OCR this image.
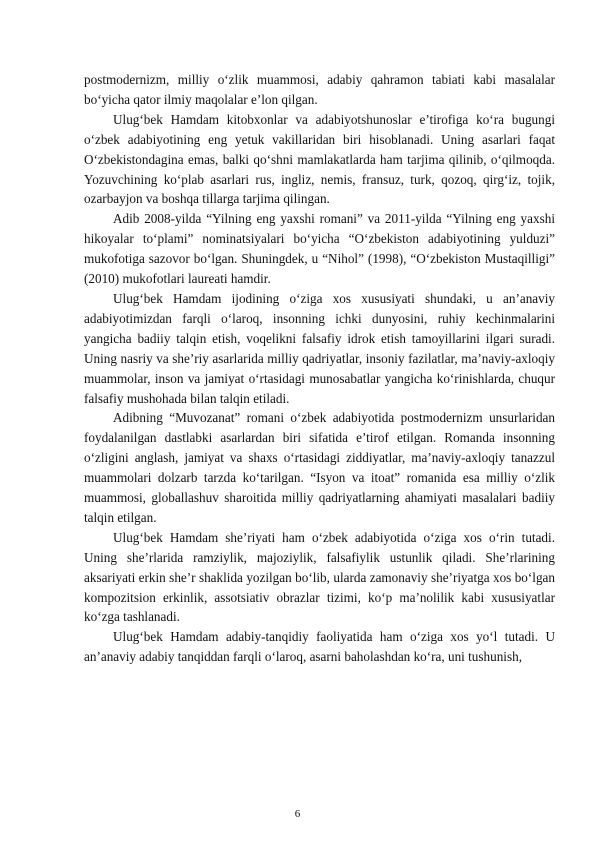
postmodernizm, milliy o‘zlik muammosi, adabiy qahramon tabiati kabi masalalar bo‘yicha qator ilmiy maqolalar e’lon qilgan.

Ulug‘bek Hamdam kitobxonlar va adabiyotshunoslar e’tirofiga ko‘ra bugungi o‘zbek adabiyotining eng yetuk vakillaridan biri hisoblanadi. Uning asarlari faqat O‘zbekistondagina emas, balki qo‘shni mamlakatlarda ham tarjima qilinib, o‘qilmoqda. Yozuvchining ko‘plab asarlari rus, ingliz, nemis, fransuz, turk, qozoq, qirg‘iz, tojik, ozarbayjon va boshqa tillarga tarjima qilingan.

Adib 2008-yilda “Yilning eng yaxshi romani” va 2011-yilda “Yilning eng yaxshi hikoyalar to‘plami” nominatsiyalari bo‘yicha “O‘zbekiston adabiyotining yulduzi” mukofotiga sazovor bo‘lgan. Shuningdek, u “Nihol” (1998), “O‘zbekiston Mustaqilligi” (2010) mukofotlari laureati hamdir.

Ulug‘bek Hamdam ijodining o‘ziga xos xususiyati shundaki, u an’anaviy adabiyotimizdan farqli o‘laroq, insonning ichki dunyosini, ruhiy kechinmalarini yangicha badiiy talqin etish, voqelikni falsafiy idrok etish tamoyillarini ilgari suradi. Uning nasriy va she’riy asarlarida milliy qadriyatlar, insoniy fazilatlar, ma’naviy-axloqiy muammolar, inson va jamiyat o‘rtasidagi munosabatlar yangicha ko‘rinishlarda, chuqur falsafiy mushohada bilan talqin etiladi.

Adibning “Muvozanat” romani o‘zbek adabiyotida postmodernizm unsurlaridan foydalanilgan dastlabki asarlardan biri sifatida e’tirof etilgan. Romanda insonning o‘zligini anglash, jamiyat va shaxs o‘rtasidagi ziddiyatlar, ma’naviy-axloqiy tanazzul muammolari dolzarb tarzda ko‘tarilgan. “Isyon va itoat” romanida esa milliy o‘zlik muammosi, globallashuv sharoitida milliy qadriyatlarning ahamiyati masalalari badiiy talqin etilgan.

Ulug‘bek Hamdam she’riyati ham o‘zbek adabiyotida o‘ziga xos o‘rin tutadi. Uning she’rlarida ramziylik, majoziylik, falsafiylik ustunlik qiladi. She’rlarining aksariyati erkin she’r shaklida yozilgan bo‘lib, ularda zamonaviy she’riyatga xos bo‘lgan kompozitsion erkinlik, assotsiativ obrazlar tizimi, ko‘p ma’nolilik kabi xususiyatlar ko‘zga tashlanadi.

Ulug‘bek Hamdam adabiy-tanqidiy faoliyatida ham o‘ziga xos yo‘l tutadi. U an’anaviy adabiy tanqiddan farqli o‘laroq, asarni baholashdan ko‘ra, uni tushunish,

6
